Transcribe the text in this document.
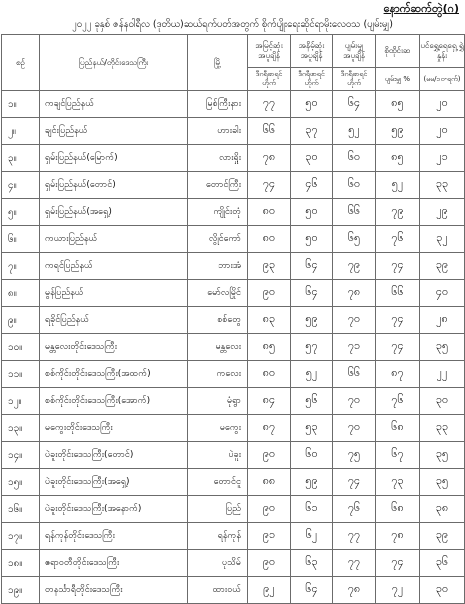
နောက်ဆက်တွဲ(ဂ)
၂၀၂၂ ခုနှစ် ဇန်နဝါရီလ (ဒုတိယ)ဆယ်ရက်ပတ်အတွက် စိုက်ပျိုးရေးဆိုင်ရာမိုးလေဝသ (ပျမ်းမျှ)
စဉ်	ပြည်နယ်/တိုင်းဒေသကြီး	မြို့	အမြင့်ဆုံး အပူချိန်	အနိမ့်ဆုံး အပူချိန်	ပျမ်းမျှ အပူချိန်	စိုထိုင်းဆ	ပင်ရွှေ့ရေရှေ့ ရွှဲနှုန်း
			ဒီဂရီဖာရင် ဟိုက်	ဒီဂရီဖာရင် ဟိုက်	ဒီဂရီဖာရင် ဟိုက်	ပျမ်းမျှ %	(မမ/၁၀-ရက်)
၁။	ကချင်ပြည်နယ်	မြစ်ကြီးနား	၇၇	၅၀	၆၄	၈၅	၂၀
၂။	ချင်းပြည်နယ်	ဟားခါး	၆၆	၃၇	၅၂	၅၉	၂၀
၃။	ရှမ်းပြည်နယ်(မြောက်)	လားရှိုး	၇၈	၃၀	၆၀	၈၅	၂၁
၄။	ရှမ်းပြည်နယ်(တောင်)	တောင်ကြီး	၇၄	၄၆	၆၀	၅၂	၃၃
၅။	ရှမ်းပြည်နယ်(အရှေ့)	ကျိုင်းတုံ	၈၀	၅၀	၆၆	၇၉	၂၉
၆။	ကယားပြည်နယ်	လွိုင်ကော်	၈၀	၅၀	၆၅	၇၆	၃၂
၇။	ကရင်ပြည်နယ်	ဘားအံ	၉၃	၆၄	၇၉	၇၄	၃၉
၈။	မွန်ပြည်နယ်	မော်လမြိုင်	၉၀	၆၄	၇၈	၆၆	၄၀
၉။	ရခိုင်ပြည်နယ်	စစ်တွေ	၈၃	၅၉	၇၀	၇၄	၂၈
၁၀။	မန္တလေးတိုင်းဒေသကြီး	မန္တလေး	၈၅	၅၇	၇၁	၇၄	၃၅
၁၁။	စစ်ကိုင်းတိုင်းဒေသကြီး(အထက်)	ကလေး	၈၀	၅၂	၆၆	၈၇	၂၂
၁၂။	စစ်ကိုင်းတိုင်းဒေသကြီး(အောက်)	မုံရွာ	၈၄	၅၆	၇၀	၇၆	၃၀
၁၃။	မကွေးတိုင်းဒေသကြီး	မကွေး	၈၇	၅၃	၇၀	၆၈	၃၃
၁၄။	ပဲခူးတိုင်းဒေသကြီး(တောင်)	ပဲခူး	၉၀	၆၀	၇၅	၆၇	၃၅
၁၅။	ပဲခူးတိုင်းဒေသကြီး(အရှေ့)	တောင်ငူ	၈၈	၅၉	၇၄	၇၃	၃၅
၁၆။	ပဲခူးတိုင်းဒေသကြီး(အနောက်)	ပြည်	၉၀	၆၁	၇၆	၆၈	၃၈
၁၇။	ရန်ကုန်တိုင်းဒေသကြီး	ရန်ကုန်	၉၁	၆၂	၇၇	၇၈	၃၉
၁၈။	ဧရာဝတီတိုင်းဒေသကြီး	ပုသိမ်	၉၀	၆၃	၇၇	၇၄	၃၆
၁၉။	တနင်္သာရီတိုင်းဒေသကြီး	ထားဝယ်	၉၂	၆၄	၇၈	၇၂	၃၀
